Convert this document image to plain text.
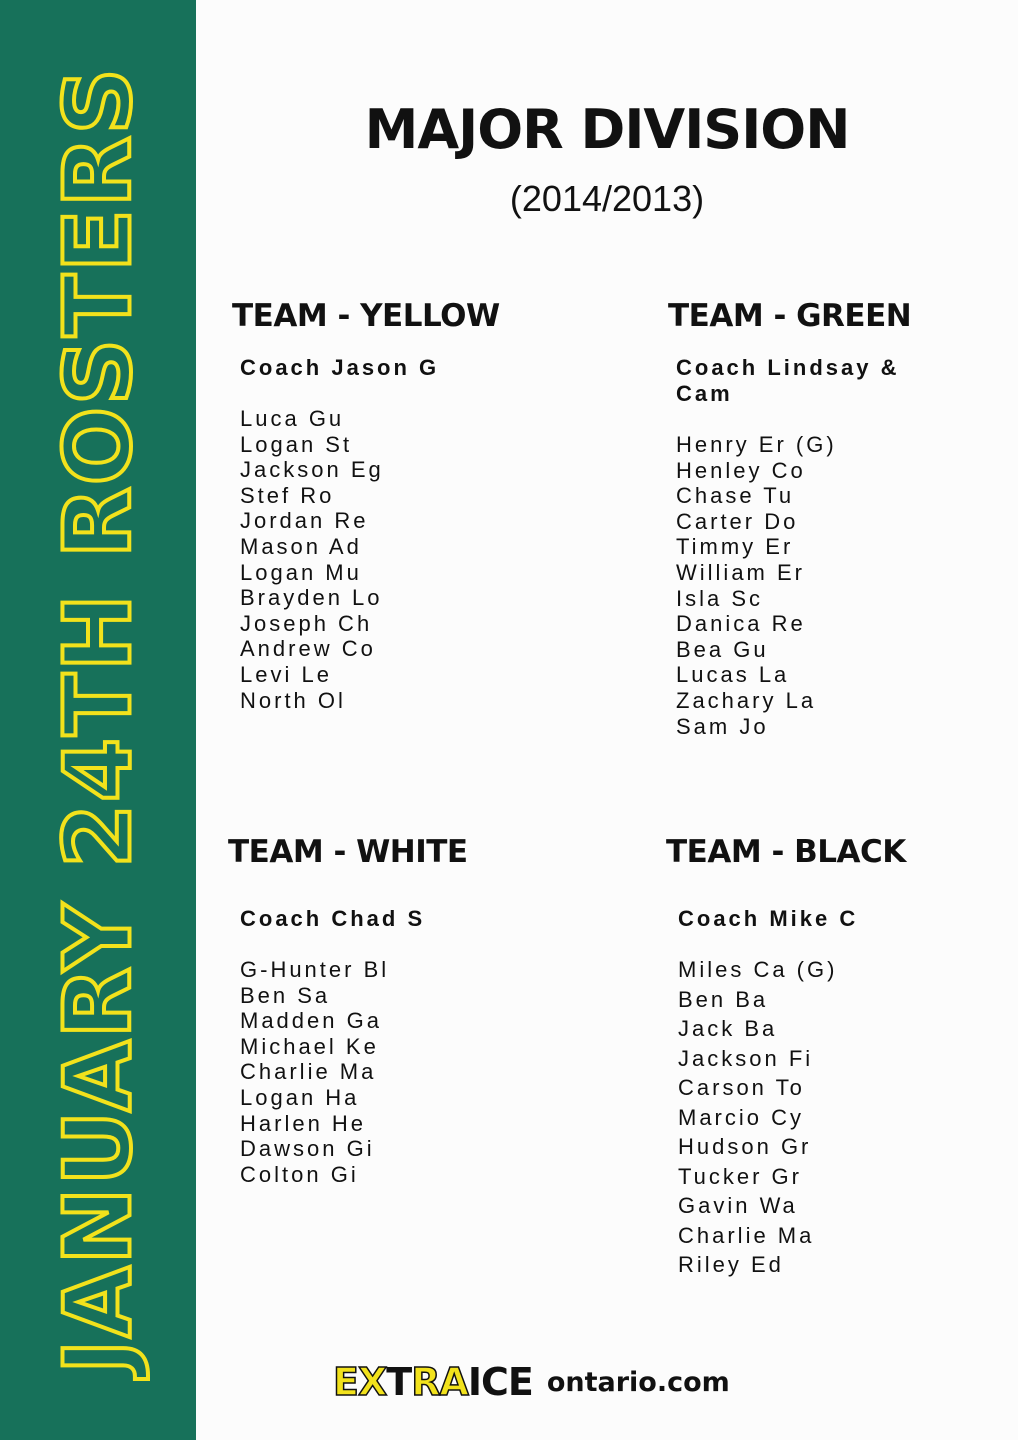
JANUARY 24TH ROSTERS	MAJOR DIVISION

(2014/2013)

TEAM - YELLOW
Coach Jason G
Luca Gu
Logan St
Jackson Eg
Stef Ro
Jordan Re
Mason Ad
Logan Mu
Brayden Lo
Joseph Ch
Andrew Co
Levi Le
North Ol
TEAM - GREEN
Coach Lindsay & Cam
Henry Er (G)
Henley Co
Chase Tu
Carter Do
Timmy Er
William Er
Isla Sc
Danica Re
Bea Gu
Lucas La
Zachary La
Sam Jo
TEAM - WHITE
Coach Chad S
G-Hunter Bl
Ben Sa
Madden Ga
Michael Ke
Charlie Ma
Logan Ha
Harlen He
Dawson Gi
Colton Gi
TEAM - BLACK
Coach Mike C
Miles Ca (G)
Ben Ba
Jack Ba
Jackson Fi
Carson To
Marcio Cy
Hudson Gr
Tucker Gr
Gavin Wa
Charlie Ma
Riley Ed
EX T RA ICE ontario.com
